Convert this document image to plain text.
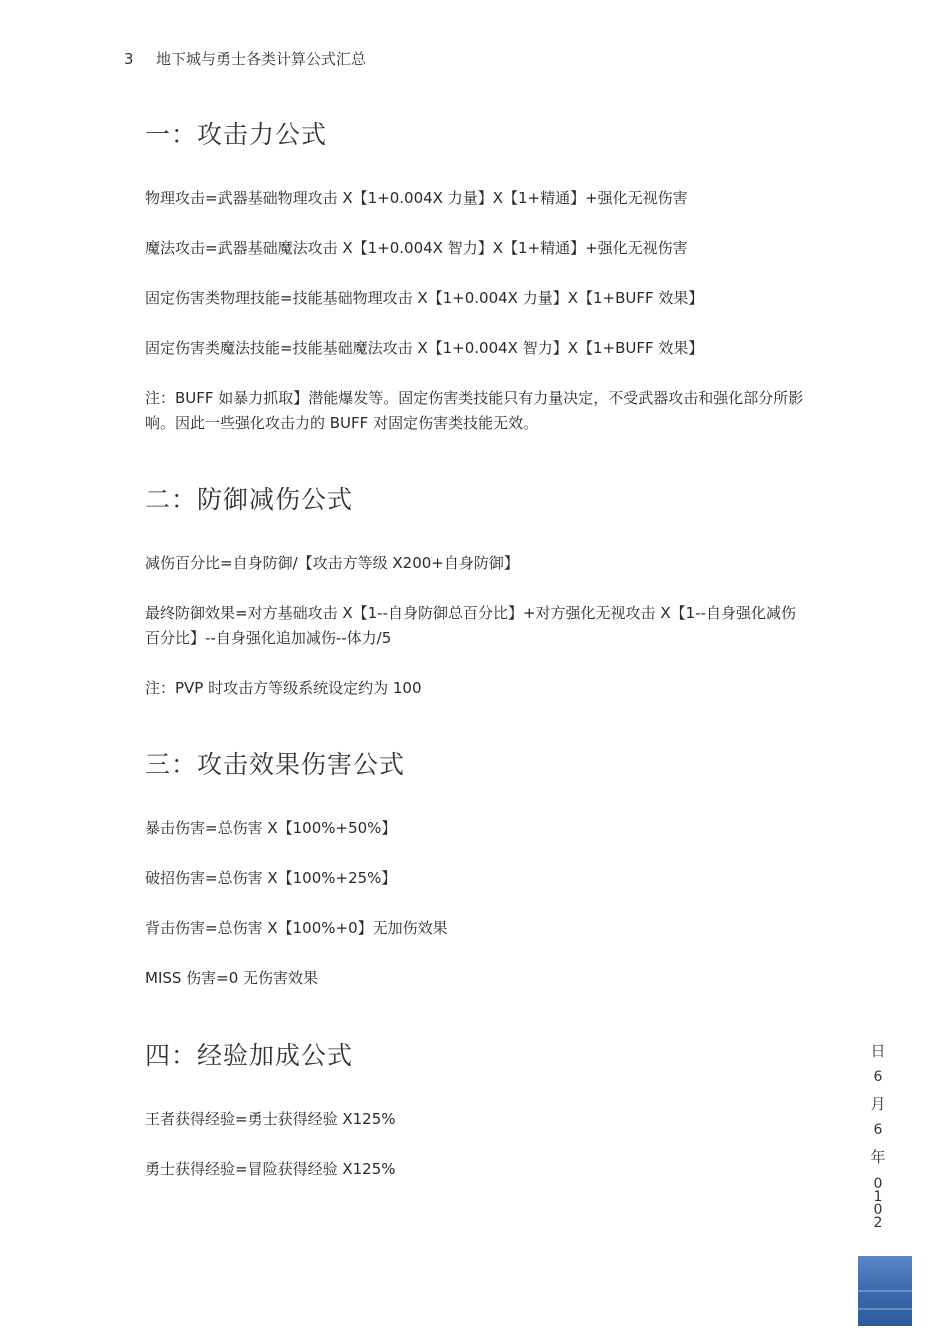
3 地下城与勇士各类计算公式汇总
一：攻击力公式
物理攻击=武器基础物理攻击 X【1+0.004X 力量】X【1+精通】+强化无视伤害
魔法攻击=武器基础魔法攻击 X【1+0.004X 智力】X【1+精通】+强化无视伤害
固定伤害类物理技能=技能基础物理攻击 X【1+0.004X 力量】X【1+BUFF 效果】
固定伤害类魔法技能=技能基础魔法攻击 X【1+0.004X 智力】X【1+BUFF 效果】
注：BUFF 如暴力抓取】潜能爆发等。固定伤害类技能只有力量决定，不受武器攻击和强化部分所影响。因此一些强化攻击力的 BUFF 对固定伤害类技能无效。
二：防御减伤公式
减伤百分比=自身防御/【攻击方等级 X200+自身防御】
最终防御效果=对方基础攻击 X【1--自身防御总百分比】+对方强化无视攻击 X【1--自身强化减伤百分比】--自身强化追加减伤--体力/5
注：PVP 时攻击方等级系统设定约为 100
三：攻击效果伤害公式
暴击伤害=总伤害 X【100%+50%】
破招伤害=总伤害 X【100%+25%】
背击伤害=总伤害 X【100%+0】无加伤效果
MISS 伤害=0 无伤害效果
四：经验加成公式
王者获得经验=勇士获得经验 X125%
勇士获得经验=冒险获得经验 X125%
日
6
月
6
年
0
1
0
2
